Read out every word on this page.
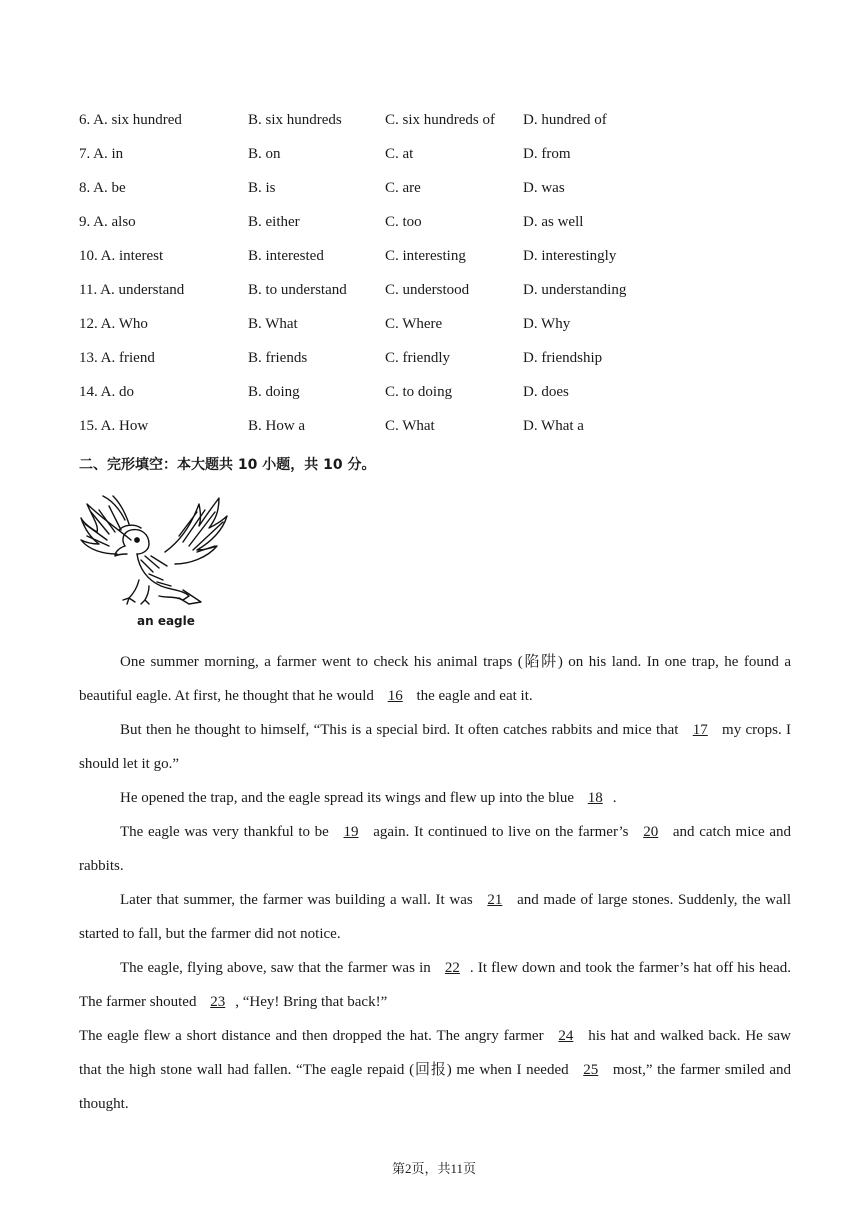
6. A. six hundred	B. six hundreds	C. six hundreds of D. hundred of
7. A. in	B. on	C. at	D. from
8. A. be	B. is	C. are	D. was
9. A. also	B. either	C. too	D. as well
10. A. interest	B. interested	C. interesting	D. interestingly
11. A. understand	B. to understand	C. understood	D. understanding
12. A. Who	B. What	C. Where	D. Why
13. A. friend	B. friends	C. friendly	D. friendship
14. A. do	B. doing	C. to doing	D. does
15. A. How	B. How a	C. What	D. What a
二、完形填空：本大题共 10 小题，共 10 分。
an eagle

One summer morning, a farmer went to check his animal traps (陷阱) on his land. In one trap, he found a beautiful eagle. At first, he thought that he would 16 the eagle and eat it.

But then he thought to himself, “This is a special bird. It often catches rabbits and mice that 17 my crops. I should let it go.”

He opened the trap, and the eagle spread its wings and flew up into the blue 18 .

The eagle was very thankful to be 19 again. It continued to live on the farmer’s 20 and catch mice and rabbits.

Later that summer, the farmer was building a wall. It was 21 and made of large stones. Suddenly, the wall started to fall, but the farmer did not notice.

The eagle, flying above, saw that the farmer was in 22 . It flew down and took the farmer’s hat off his head. The farmer shouted 23 , “Hey! Bring that back!”

The eagle flew a short distance and then dropped the hat. The angry farmer 24 his hat and walked back. He saw that the high stone wall had fallen. “The eagle repaid (回报) me when I needed 25 most,” the farmer smiled and thought.

第2页，共11页
